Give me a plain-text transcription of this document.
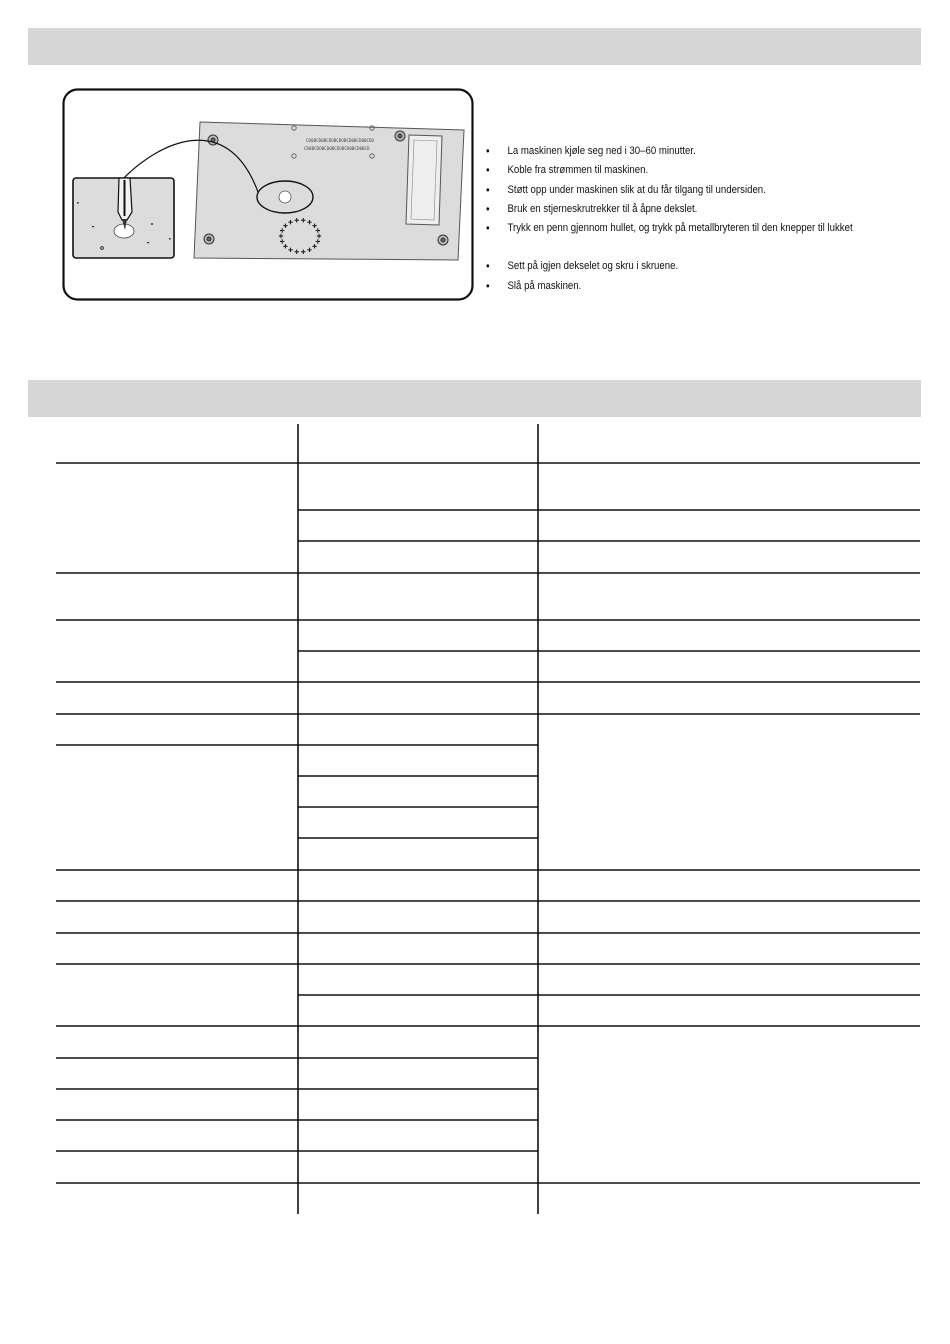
CD0BCD0BCDOBCDOBCD0BCD0BCDD
CD0BCDOBCD0BCDOBCD0BCD0BCD	•	La maskinen kjøle seg ned i 30–60 minutter.
•	Koble fra strømmen til maskinen.
•	Støtt opp under maskinen slik at du får tilgang til undersiden.
•	Bruk en stjerneskrutrekker til å åpne dekslet.
•	Trykk en penn gjennom hullet, og trykk på metallbryteren til den knepper til lukket
•	Sett på igjen dekselet og skru i skruene.
•	Slå på maskinen.
